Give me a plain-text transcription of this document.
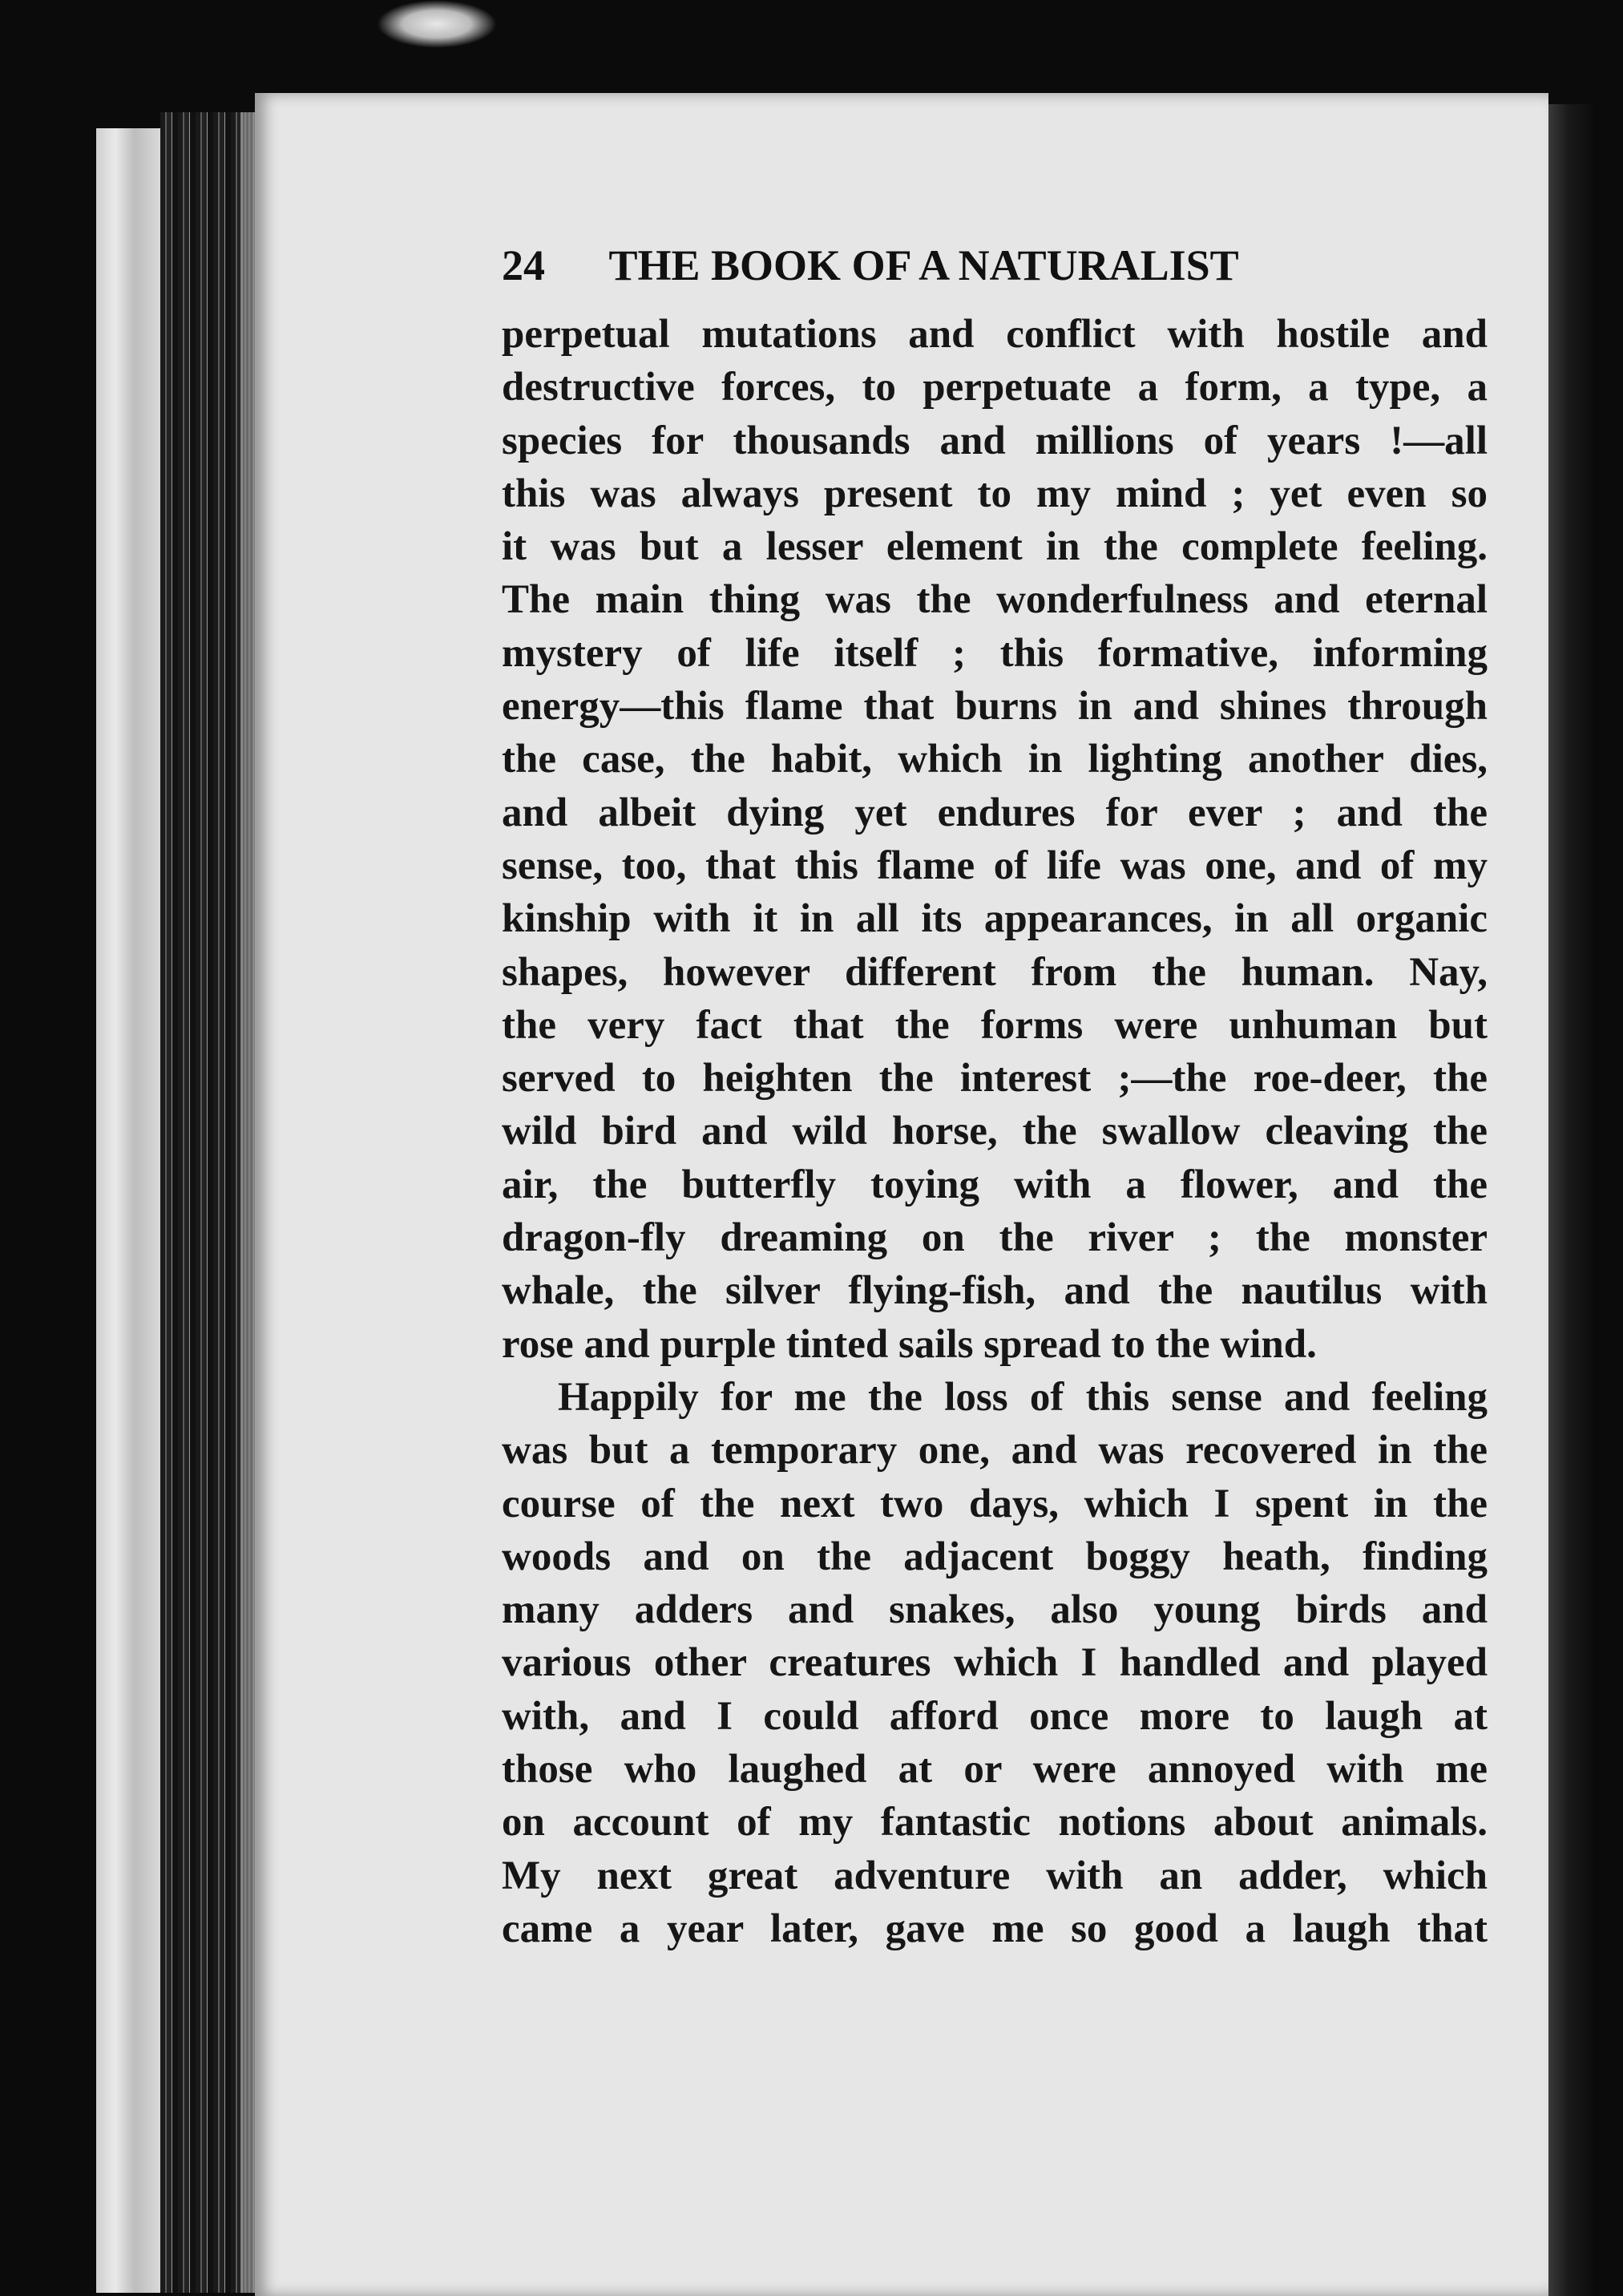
24 THE BOOK OF A NATURALIST
perpetual mutations and conflict with hostile and
destructive forces, to perpetuate a form, a type, a
species for thousands and millions of years !—all
this was always present to my mind ; yet even so
it was but a lesser element in the complete feeling.
The main thing was the wonderfulness and eternal
mystery of life itself ; this formative, informing
energy—this flame that burns in and shines through
the case, the habit, which in lighting another dies,
and albeit dying yet endures for ever ; and the
sense, too, that this flame of life was one, and of my
kinship with it in all its appearances, in all organic
shapes, however different from the human. Nay,
the very fact that the forms were unhuman but
served to heighten the interest ;—the roe-deer, the
wild bird and wild horse, the swallow cleaving the
air, the butterfly toying with a flower, and the
dragon-fly dreaming on the river ; the monster
whale, the silver flying-fish, and the nautilus with
rose and purple tinted sails spread to the wind.
Happily for me the loss of this sense and feeling
was but a temporary one, and was recovered in the
course of the next two days, which I spent in the
woods and on the adjacent boggy heath, finding
many adders and snakes, also young birds and
various other creatures which I handled and played
with, and I could afford once more to laugh at
those who laughed at or were annoyed with me
on account of my fantastic notions about animals.
My next great adventure with an adder, which
came a year later, gave me so good a laugh that
